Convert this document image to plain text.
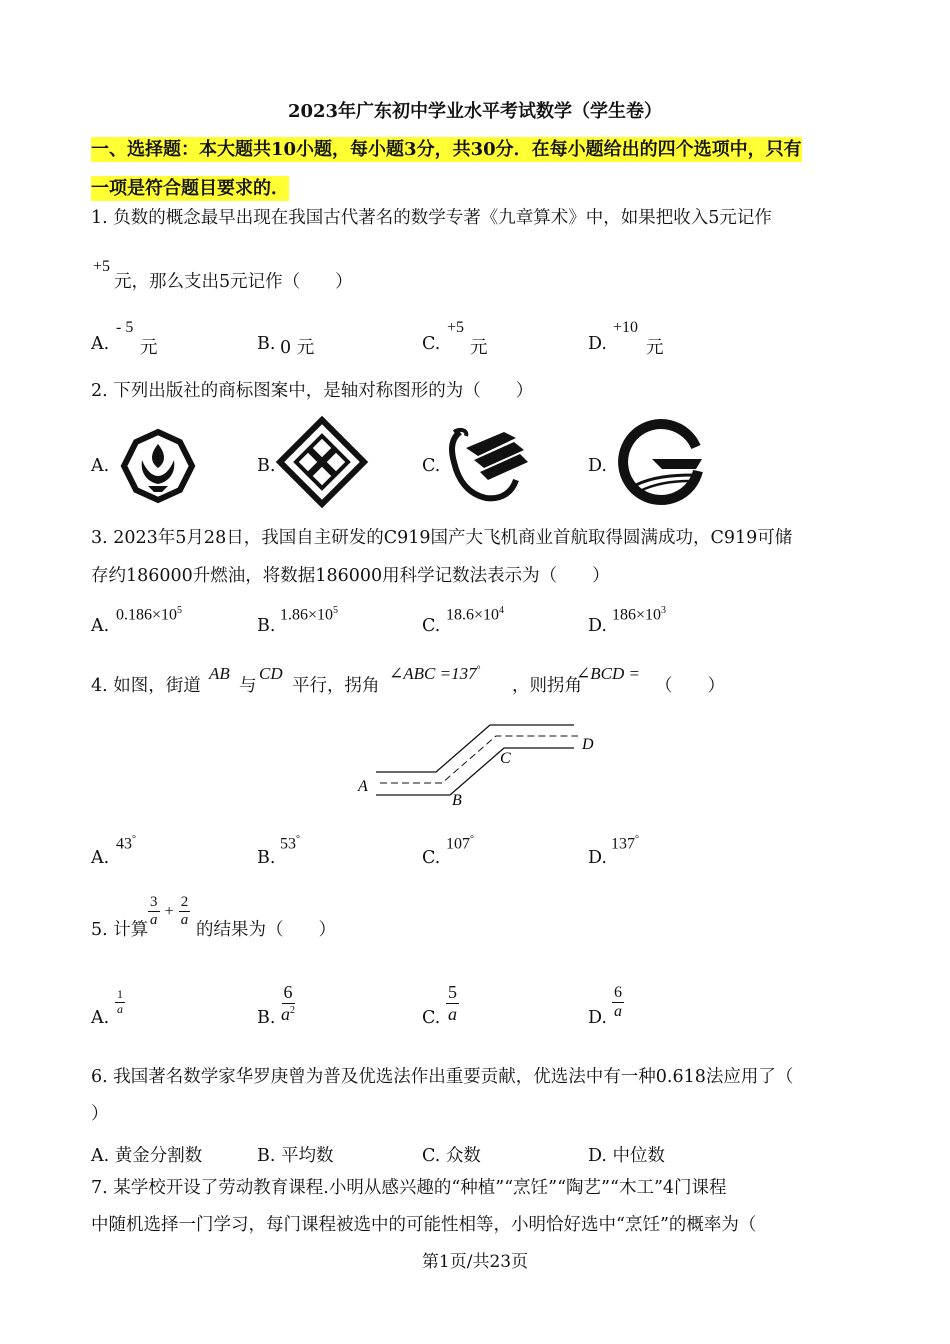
2023年广东初中学业水平考试数学（学生卷）
一、选择题：本大题共10小题，每小题3分，共30分．在每小题给出的四个选项中，只有
一项是符合题目要求的．
1. 负数的概念最早出现在我国古代著名的数学专著《九章算术》中，如果把收入5元记作
+5
元，那么支出5元记作（　　）
A.
- 5
元	B. 0 元	C.
+5
元	D.
+10
元
2. 下列出版社的商标图案中，是轴对称图形的为（　　）
A.	B.	C.	D.
3. 2023年5月28日，我国自主研发的C919国产大飞机商业首航取得圆满成功，C919可储
存约186000升燃油，将数据186000用科学记数法表示为（　　）
A.
$0.186\times 10^5$
B.
$1.86\times 10^5$
C.
$18.6\times 10^4$
D.
$186\times 10^3$
4. 如图，街道
AB
与
CD
平行，拐角
∠ABC =137°
，则拐角
∠BCD =
（　　）
A
B
C
D
A.
43°
B.
53°
C.
107°
D.
137°
5. 计算
$\frac{3}{a} + \frac{2}{a}$
的结果为（　　）
A.
$\frac{1}{a}$
B. $\frac{6}{a^2}$	C. $\frac{5}{a}$	D. $\frac{6}{a}$
6. 我国著名数学家华罗庚曾为普及优选法作出重要贡献，优选法中有一种0.618法应用了（
）
A. 黄金分割数	B. 平均数	C. 众数	D. 中位数
7. 某学校开设了劳动教育课程.小明从感兴趣的“种植”“烹饪”“陶艺”“木工”4门课程
中随机选择一门学习，每门课程被选中的可能性相等，小明恰好选中“烹饪”的概率为（
第1页/共23页
